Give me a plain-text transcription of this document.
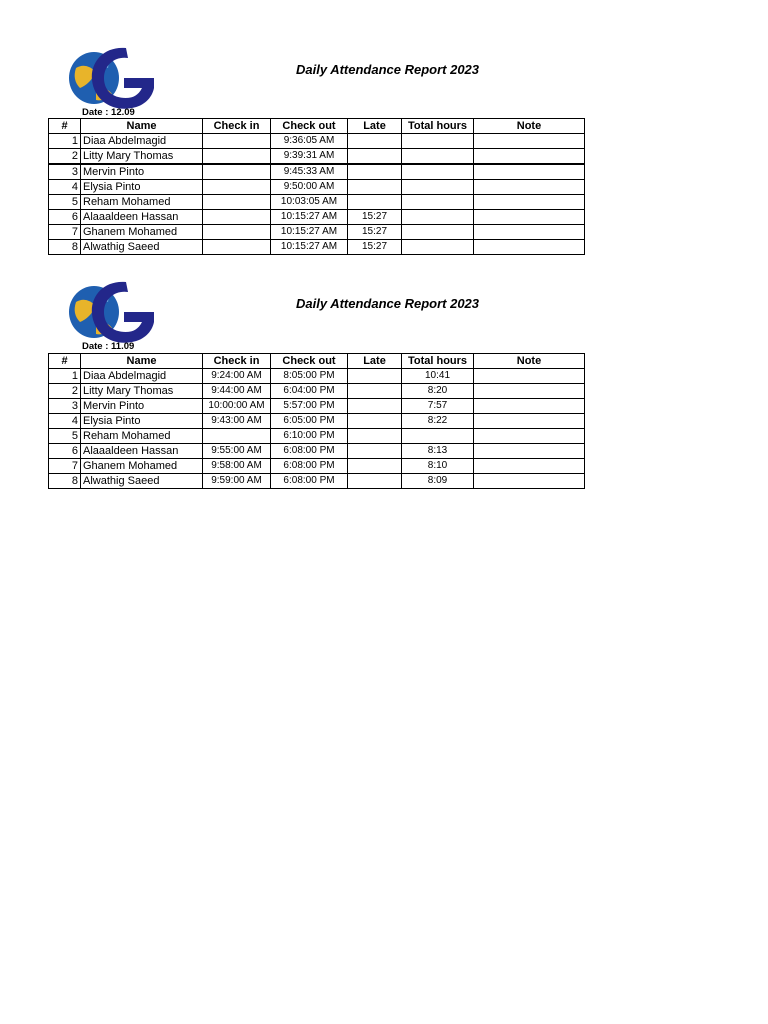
Daily Attendance Report 2023
Date : 12.09
#	Name	Check in	Check out	Late	Total hours	Note
1	Diaa Abdelmagid		9:36:05 AM			
2	Litty Mary Thomas		9:39:31 AM			
3	Mervin Pinto		9:45:33 AM			
4	Elysia Pinto		9:50:00 AM			
5	Reham Mohamed		10:03:05 AM			
6	Alaaaldeen Hassan		10:15:27 AM	15:27		
7	Ghanem Mohamed		10:15:27 AM	15:27		
8	Alwathig Saeed		10:15:27 AM	15:27		
Daily Attendance Report 2023
Date : 11.09
#	Name	Check in	Check out	Late	Total hours	Note
1	Diaa Abdelmagid	9:24:00 AM	8:05:00 PM		10:41	
2	Litty Mary Thomas	9:44:00 AM	6:04:00 PM		8:20	
3	Mervin Pinto	10:00:00 AM	5:57:00 PM		7:57	
4	Elysia Pinto	9:43:00 AM	6:05:00 PM		8:22	
5	Reham Mohamed		6:10:00 PM			
6	Alaaaldeen Hassan	9:55:00 AM	6:08:00 PM		8:13	
7	Ghanem Mohamed	9:58:00 AM	6:08:00 PM		8:10	
8	Alwathig Saeed	9:59:00 AM	6:08:00 PM		8:09	
